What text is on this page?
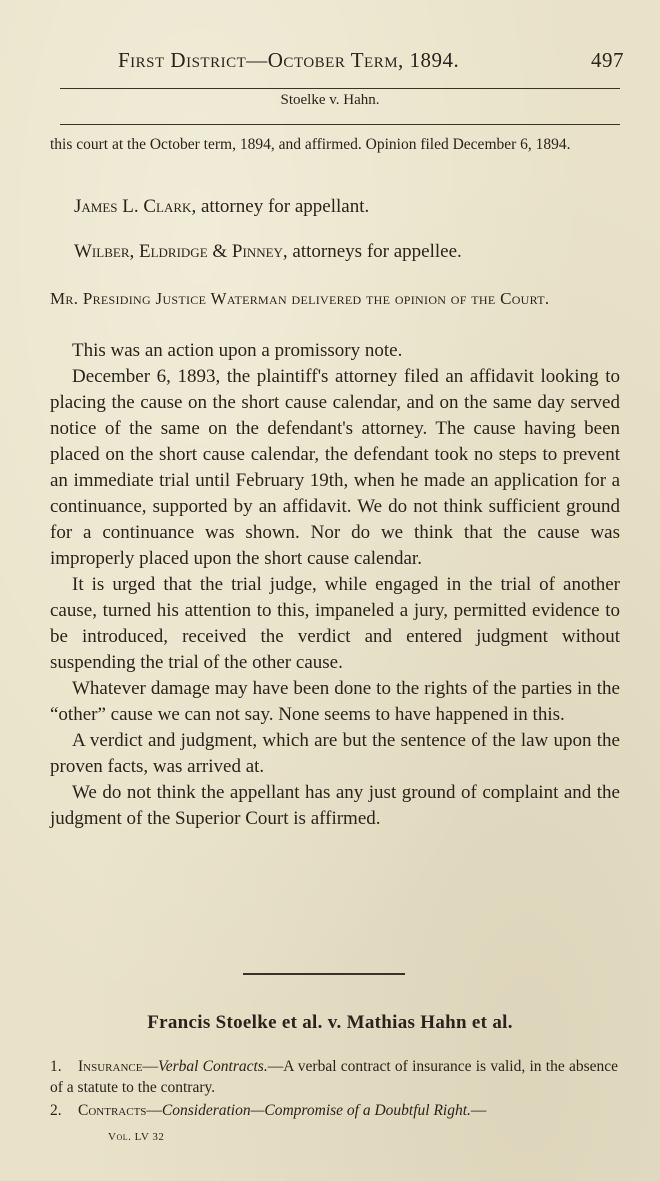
First District—October Term, 1894.	497
Stoelke v. Hahn.
this court at the October term, 1894, and affirmed. Opinion filed December 6, 1894.
James L. Clark, attorney for appellant.
Wilber, Eldridge & Pinney, attorneys for appellee.
Mr. Presiding Justice Waterman delivered the opinion of the Court.

This was an action upon a promissory note.

December 6, 1893, the plaintiff's attorney filed an affidavit looking to placing the cause on the short cause calendar, and on the same day served notice of the same on the defendant's attorney. The cause having been placed on the short cause calendar, the defendant took no steps to prevent an immediate trial until February 19th, when he made an application for a continuance, supported by an affidavit. We do not think sufficient ground for a continuance was shown. Nor do we think that the cause was improperly placed upon the short cause calendar.

It is urged that the trial judge, while engaged in the trial of another cause, turned his attention to this, impaneled a jury, permitted evidence to be introduced, received the verdict and entered judgment without suspending the trial of the other cause.

Whatever damage may have been done to the rights of the parties in the “other” cause we can not say. None seems to have happened in this.

A verdict and judgment, which are but the sentence of the law upon the proven facts, was arrived at.

We do not think the appellant has any just ground of complaint and the judgment of the Superior Court is affirmed.

Francis Stoelke et al. v. Mathias Hahn et al.
1. Insurance—Verbal Contracts.—A verbal contract of insurance is valid, in the absence of a statute to the contrary.
2. Contracts—Consideration—Compromise of a Doubtful Right.—
Vol. LV 32
